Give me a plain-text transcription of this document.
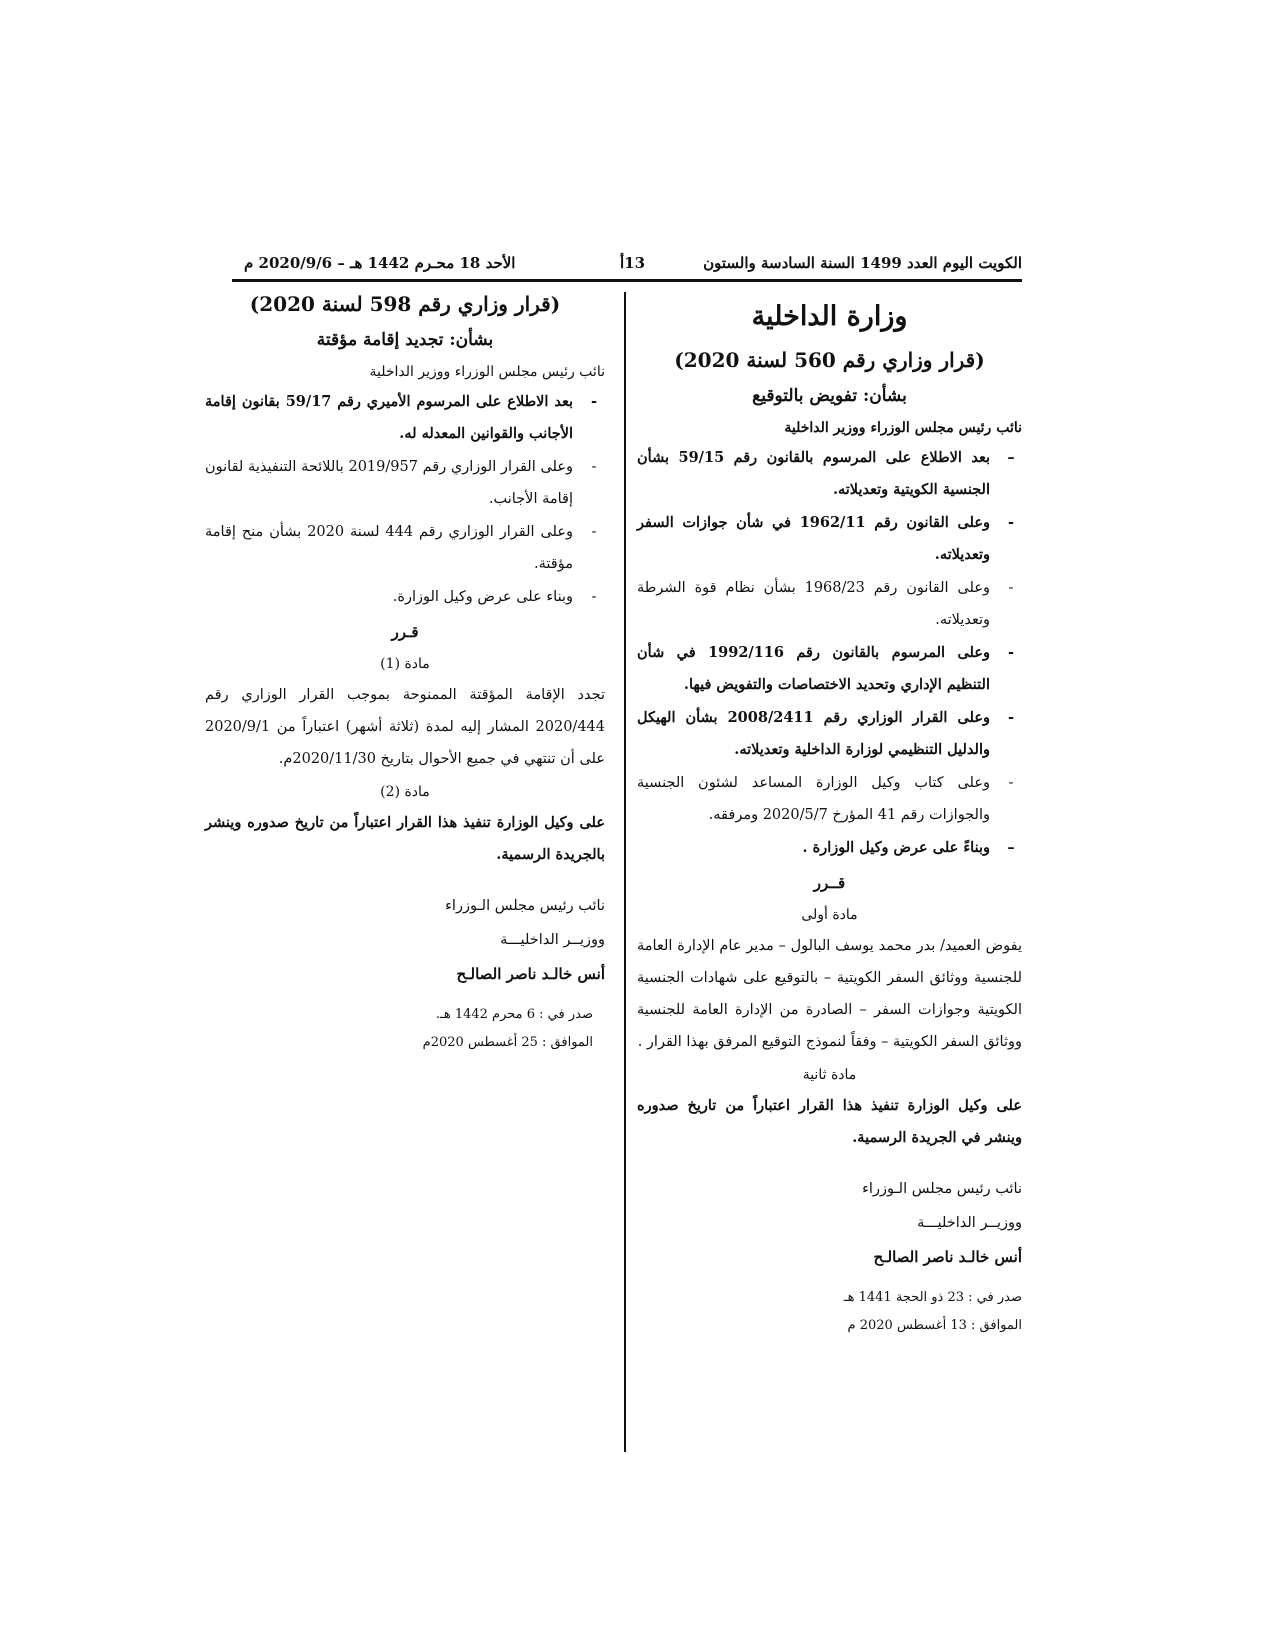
الأحد 18 محـرم 1442 هـ – 2020/9/6 م	13أ	الكويت اليوم العدد 1499 السنة السادسة والستون
وزارة الداخلية
(قرار وزاري رقم 560 لسنة 2020)
بشأن: تفويض بالتوقيع
نائب رئيس مجلس الوزراء ووزير الداخلية
–
بعد الاطلاع على المرسوم بالقانون رقم 59/15 بشأن الجنسية الكويتية وتعديلاته.
-
وعلى القانون رقم 1962/11 في شأن جوازات السفر وتعديلاته.
-
وعلى القانون رقم 1968/23 بشأن نظام قوة الشرطة وتعديلاته.
-
وعلى المرسوم بالقانون رقم 1992/116 في شأن التنظيم الإداري وتحديد الاختصاصات والتفويض فيها.
-
وعلى القرار الوزاري رقم 2008/2411 بشأن الهيكل والدليل التنظيمي لوزارة الداخلية وتعديلاته.
-
وعلى كتاب وكيل الوزارة المساعد لشئون الجنسية والجوازات رقم 41 المؤرخ 2020/5/7 ومرفقه.
–
وبناءً على عرض وكيل الوزارة .
قــرر
مادة أولى
يفوض العميد/ بدر محمد يوسف البالول – مدير عام الإدارة العامة للجنسية ووثائق السفر الكويتية – بالتوقيع على شهادات الجنسية الكويتية وجوازات السفر – الصادرة من الإدارة العامة للجنسية ووثائق السفر الكويتية – وفقاً لنموذج التوقيع المرفق بهذا القرار .
مادة ثانية
على وكيل الوزارة تنفيذ هذا القرار اعتباراً من تاريخ صدوره وينشر في الجريدة الرسمية.
نائب رئيس مجلس الـوزراء
ووزيــر الداخليـــة
أنس خالـد ناصر الصالـح
صدر في : 23 ذو الحجة 1441 هـ
الموافق : 13 أغسطس 2020 م
(قرار وزاري رقم 598 لسنة 2020)
بشأن: تجديد إقامة مؤقتة
نائب رئيس مجلس الوزراء ووزير الداخلية
-
بعد الاطلاع على المرسوم الأميري رقم 59/17 بقانون إقامة الأجانب والقوانين المعدله له.
-
وعلى القرار الوزاري رقم 2019/957 باللائحة التنفيذية لقانون إقامة الأجانب.
-
وعلى القرار الوزاري رقم 444 لسنة 2020 بشأن منح إقامة مؤقتة.
-
وبناء على عرض وكيل الوزارة.
قـرر
مادة (1)
تجدد الإقامة المؤقتة الممنوحة بموجب القرار الوزاري رقم 2020/444 المشار إليه لمدة (ثلاثة أشهر) اعتباراً من 2020/9/1 على أن تنتهي في جميع الأحوال بتاريخ 2020/11/30م.
مادة (2)
على وكيل الوزارة تنفيذ هذا القرار اعتباراً من تاريخ صدوره وينشر بالجريدة الرسمية.
نائب رئيس مجلس الـوزراء
ووزيــر الداخليـــة
أنس خالـد ناصر الصالـح
صدر في : 6 محرم 1442 هـ.
الموافق : 25 أغسطس 2020م
